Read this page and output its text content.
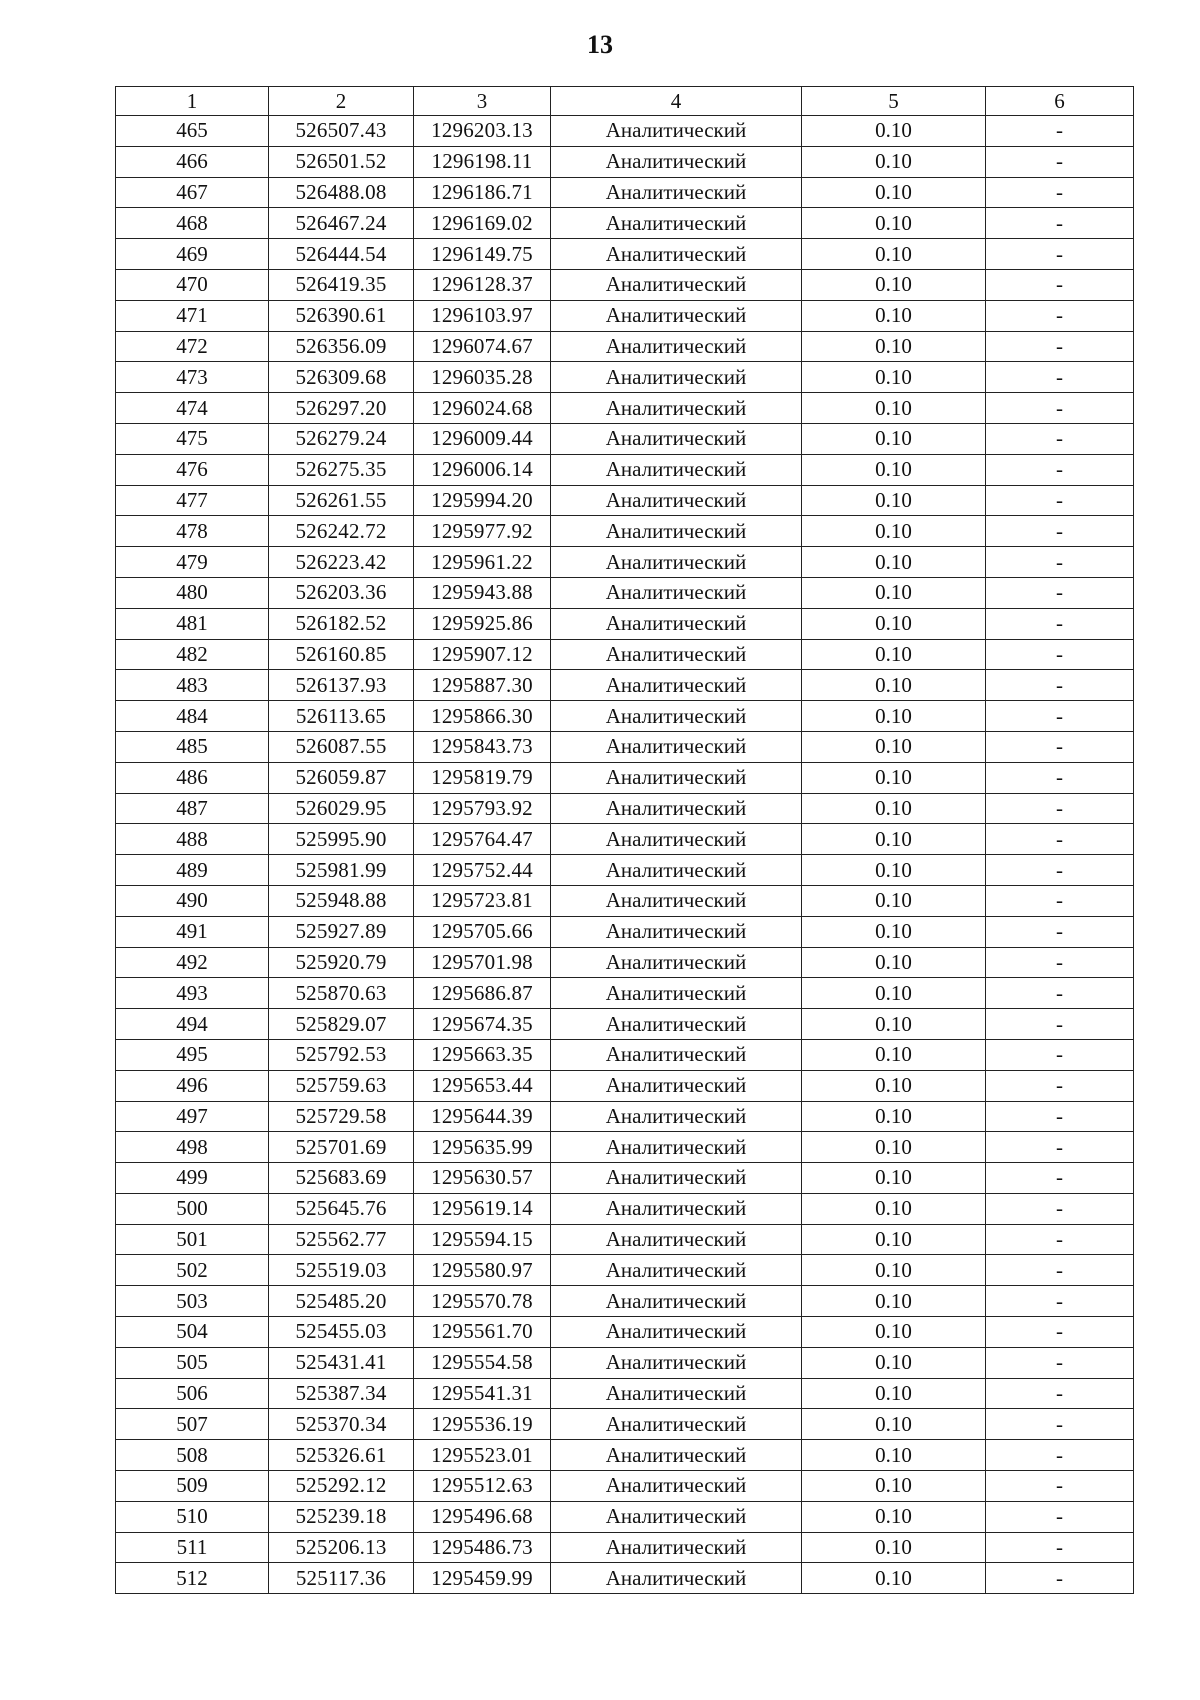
13
1	2	3	4	5	6
465	526507.43	1296203.13	Аналитический	0.10	-
466	526501.52	1296198.11	Аналитический	0.10	-
467	526488.08	1296186.71	Аналитический	0.10	-
468	526467.24	1296169.02	Аналитический	0.10	-
469	526444.54	1296149.75	Аналитический	0.10	-
470	526419.35	1296128.37	Аналитический	0.10	-
471	526390.61	1296103.97	Аналитический	0.10	-
472	526356.09	1296074.67	Аналитический	0.10	-
473	526309.68	1296035.28	Аналитический	0.10	-
474	526297.20	1296024.68	Аналитический	0.10	-
475	526279.24	1296009.44	Аналитический	0.10	-
476	526275.35	1296006.14	Аналитический	0.10	-
477	526261.55	1295994.20	Аналитический	0.10	-
478	526242.72	1295977.92	Аналитический	0.10	-
479	526223.42	1295961.22	Аналитический	0.10	-
480	526203.36	1295943.88	Аналитический	0.10	-
481	526182.52	1295925.86	Аналитический	0.10	-
482	526160.85	1295907.12	Аналитический	0.10	-
483	526137.93	1295887.30	Аналитический	0.10	-
484	526113.65	1295866.30	Аналитический	0.10	-
485	526087.55	1295843.73	Аналитический	0.10	-
486	526059.87	1295819.79	Аналитический	0.10	-
487	526029.95	1295793.92	Аналитический	0.10	-
488	525995.90	1295764.47	Аналитический	0.10	-
489	525981.99	1295752.44	Аналитический	0.10	-
490	525948.88	1295723.81	Аналитический	0.10	-
491	525927.89	1295705.66	Аналитический	0.10	-
492	525920.79	1295701.98	Аналитический	0.10	-
493	525870.63	1295686.87	Аналитический	0.10	-
494	525829.07	1295674.35	Аналитический	0.10	-
495	525792.53	1295663.35	Аналитический	0.10	-
496	525759.63	1295653.44	Аналитический	0.10	-
497	525729.58	1295644.39	Аналитический	0.10	-
498	525701.69	1295635.99	Аналитический	0.10	-
499	525683.69	1295630.57	Аналитический	0.10	-
500	525645.76	1295619.14	Аналитический	0.10	-
501	525562.77	1295594.15	Аналитический	0.10	-
502	525519.03	1295580.97	Аналитический	0.10	-
503	525485.20	1295570.78	Аналитический	0.10	-
504	525455.03	1295561.70	Аналитический	0.10	-
505	525431.41	1295554.58	Аналитический	0.10	-
506	525387.34	1295541.31	Аналитический	0.10	-
507	525370.34	1295536.19	Аналитический	0.10	-
508	525326.61	1295523.01	Аналитический	0.10	-
509	525292.12	1295512.63	Аналитический	0.10	-
510	525239.18	1295496.68	Аналитический	0.10	-
511	525206.13	1295486.73	Аналитический	0.10	-
512	525117.36	1295459.99	Аналитический	0.10	-
